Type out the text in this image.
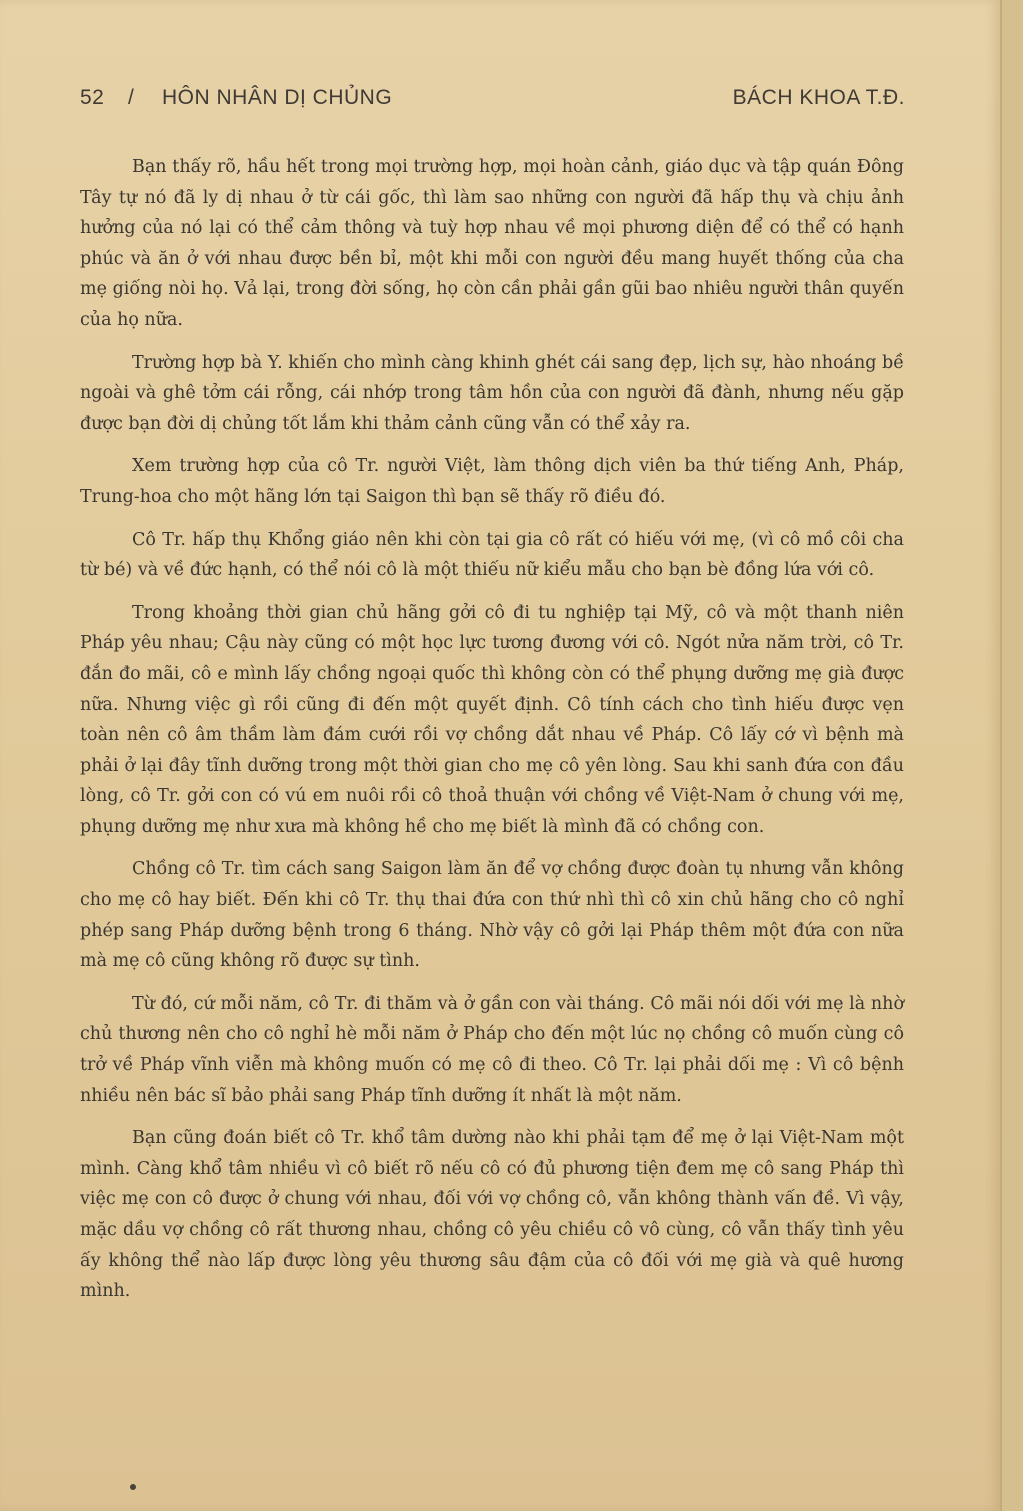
52 / HÔN NHÂN DỊ CHỦNG	BÁCH KHOA T.Đ.

Bạn thấy rõ, hầu hết trong mọi trường hợp, mọi hoàn cảnh, giáo dục và tập quán Đông Tây tự nó đã ly dị nhau ở từ cái gốc, thì làm sao những con người đã hấp thụ và chịu ảnh hưởng của nó lại có thể cảm thông và tuỳ hợp nhau về mọi phương diện để có thể có hạnh phúc và ăn ở với nhau được bền bỉ, một khi mỗi con người đều mang huyết thống của cha mẹ giống nòi họ. Vả lại, trong đời sống, họ còn cần phải gần gũi bao nhiêu người thân quyến của họ nữa.

Trường hợp bà Y. khiến cho mình càng khinh ghét cái sang đẹp, lịch sự, hào nhoáng bề ngoài và ghê tởm cái rỗng, cái nhớp trong tâm hồn của con người đã đành, nhưng nếu gặp được bạn đời dị chủng tốt lắm khi thảm cảnh cũng vẫn có thể xảy ra.

Xem trường hợp của cô Tr. người Việt, làm thông dịch viên ba thứ tiếng Anh, Pháp, Trung-hoa cho một hãng lớn tại Saigon thì bạn sẽ thấy rõ điều đó.

Cô Tr. hấp thụ Khổng giáo nên khi còn tại gia cô rất có hiếu với mẹ, (vì cô mồ côi cha từ bé) và về đức hạnh, có thể nói cô là một thiếu nữ kiểu mẫu cho bạn bè đồng lứa với cô.

Trong khoảng thời gian chủ hãng gởi cô đi tu nghiệp tại Mỹ, cô và một thanh niên Pháp yêu nhau; Cậu này cũng có một học lực tương đương với cô. Ngót nửa năm trời, cô Tr. đắn đo mãi, cô e mình lấy chồng ngoại quốc thì không còn có thể phụng dưỡng mẹ già được nữa. Nhưng việc gì rồi cũng đi đến một quyết định. Cô tính cách cho tình hiếu được vẹn toàn nên cô âm thầm làm đám cưới rồi vợ chồng dắt nhau về Pháp. Cô lấy cớ vì bệnh mà phải ở lại đây tĩnh dưỡng trong một thời gian cho mẹ cô yên lòng. Sau khi sanh đứa con đầu lòng, cô Tr. gởi con có vú em nuôi rồi cô thoả thuận với chồng về Việt-Nam ở chung với mẹ, phụng dưỡng mẹ như xưa mà không hề cho mẹ biết là mình đã có chồng con.

Chồng cô Tr. tìm cách sang Saigon làm ăn để vợ chồng được đoàn tụ nhưng vẫn không cho mẹ cô hay biết. Đến khi cô Tr. thụ thai đứa con thứ nhì thì cô xin chủ hãng cho cô nghỉ phép sang Pháp dưỡng bệnh trong 6 tháng. Nhờ vậy cô gởi lại Pháp thêm một đứa con nữa mà mẹ cô cũng không rõ được sự tình.

Từ đó, cứ mỗi năm, cô Tr. đi thăm và ở gần con vài tháng. Cô mãi nói dối với mẹ là nhờ chủ thương nên cho cô nghỉ hè mỗi năm ở Pháp cho đến một lúc nọ chồng cô muốn cùng cô trở về Pháp vĩnh viễn mà không muốn có mẹ cô đi theo. Cô Tr. lại phải dối mẹ : Vì cô bệnh nhiều nên bác sĩ bảo phải sang Pháp tĩnh dưỡng ít nhất là một năm.

Bạn cũng đoán biết cô Tr. khổ tâm dường nào khi phải tạm để mẹ ở lại Việt-Nam một mình. Càng khổ tâm nhiều vì cô biết rõ nếu cô có đủ phương tiện đem mẹ cô sang Pháp thì việc mẹ con cô được ở chung với nhau, đối với vợ chồng cô, vẫn không thành vấn đề. Vì vậy, mặc dầu vợ chồng cô rất thương nhau, chồng cô yêu chiều cô vô cùng, cô vẫn thấy tình yêu ấy không thể nào lấp được lòng yêu thương sâu đậm của cô đối với mẹ già và quê hương mình.
